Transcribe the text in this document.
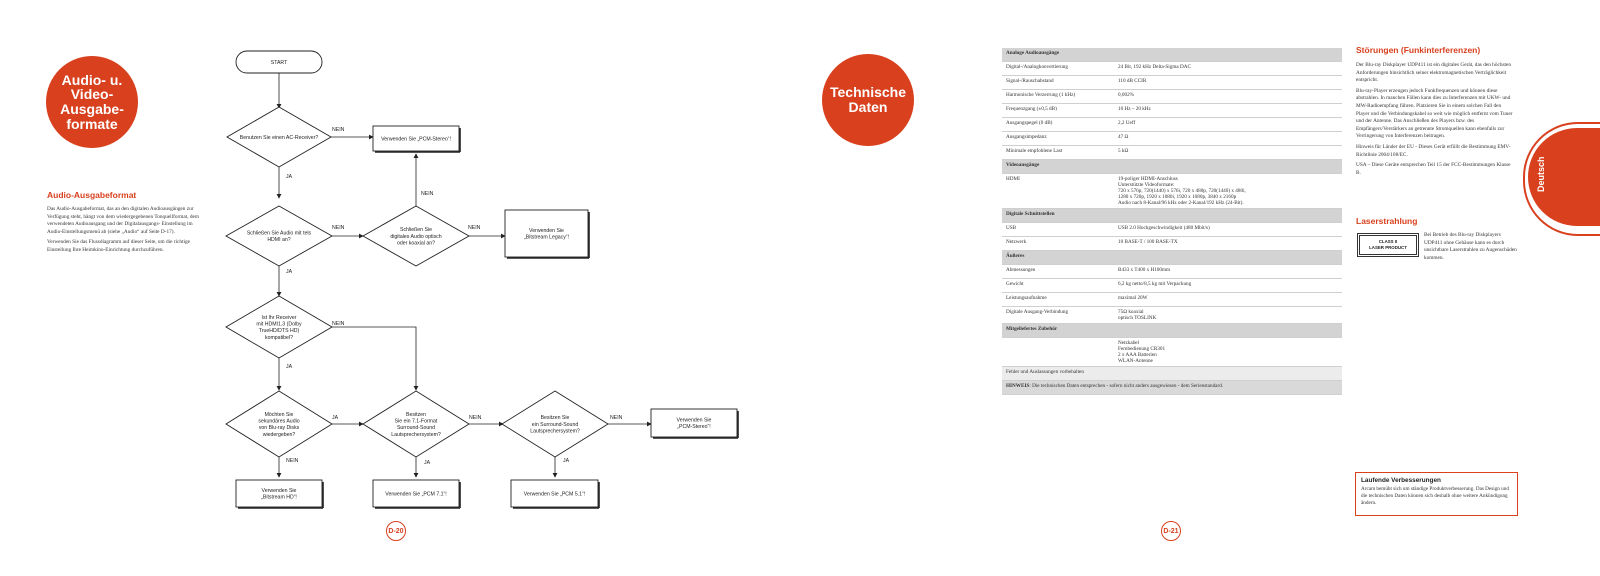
Audio- u.
Video-
Ausgabe-
formate
Audio-Ausgabeformat

Das Audio-Ausgabeformat, das an den digitalen Audioausgängen zur Verfügung steht, hängt von dem wiedergegebenen Tonquellformat, dem verwendeten Audioausgang und der Digitalausgangs- Einstellung im Audio-Einstellungsmenü ab (siehe „Audio“ auf Seite D-17).

Verwenden Sie das Flussdiagramm auf dieser Seite, um die richtige Einstellung Ihre Heimkino-Einrichtung durchzuführen.

START
Benutzen Sie einen AC-Receiver?	Verwenden Sie „PCM-Stereo“!
Schließen Sie Audio mit tels
HDMI an?
Schließen Sie
digitales Audio optisch
oder koaxial an?
Verwenden Sie
„Bitstream Legacy“!
Ist Ihr Receiver
mit HDMI1.3 (Dolby
TrueHD/DTS HD)
kompatibel?
Möchten Sie
sekundäres Audio
von Blu-ray Disks
wiedergeben?
Besitzen
Sie ein 7.1-Format
Surround-Sound
Lautsprechersystem?
Besitzen Sie
ein Surround-Sound
Lautsprechersystem?
Verwenden Sie
„PCM-Stereo“!
Verwenden Sie
„Bitstream HD“!
Verwenden Sie „PCM 7.1“!	Verwenden Sie „PCM 5.1“!
NEIN
JA
NEIN
NEIN
NEIN
JA
NEIN
JA
JA
NEIN
NEIN
JA
NEIN
JA
D-20
Technische
Daten
Analoge Audioausgänge	
Digital-/Analogkonvertierung	24 Bit, 192 kHz Delta-Sigma DAC
Signal-/Rauschabstand	110 dB CCIR
Harmonische Verzerrung (1 kHz)	0,002%
Frequenzgang (±0,5 dB)	10 Hz – 20 kHz
Ausgangspegel (0 dB)	2,2 Ueff
Ausgangsimpedanz	47 Ω
Minimale empfohlene Last	5 kΩ
Videoausgänge	
HDMI	19-poliger HDMI-Anschluss
Unterstützte Videoformate:
720 x 576p, 720(1440) x 576i, 720 x 480p, 720(1440) x 480i,
1280 x 720p, 1920 x 1080i, 1920 x 1080p, 3840 x 2160p
Audio nach 8-Kanal/96 kHz oder 2-Kanal/192 kHz (24-Bit).
Digitale Schnittstellen	
USB	USB 2.0 Hochgeschwindigkeit (480 Mbit/s)
Netzwerk	10 BASE-T / 100 BASE-TX
Äußeres	
Abmessungen	B433 x T400 x H100mm
Gewicht	6,2 kg netto/8,5 kg mit Verpackung
Leistungsaufnahme	maximal 20W
Digitale Ausgang-Verbindung	75Ω koaxial
optisch TOSLINK
Mitgeliefertes Zubehör	
	Netzkabel
Fernbedienung CR301
2 x AAA Batterien
WLAN-Antenne
Fehler und Auslassungen vorbehalten	
HINWEIS: Die technischen Daten entsprechen - sofern nicht anders ausgewiesen - dem Serienstandard.	
Störungen (Funkinterferenzen)

Der Blu-ray Diskplayer UDP411 ist ein digitales Gerät, das den höchsten Anforderungen hinsichtlich seiner elektromagnetischen Verträglichkeit entspricht.

Blu-ray-Player erzeugen jedoch Funkfrequenzen und können diese abstrahlen. In manchen Fällen kann dies zu Interferenzen mit UKW- und MW-Radioempfang führen. Platzieren Sie in einem solchen Fall den Player und die Verbindungskabel so weit wie möglich entfernt vom Tuner und der Antenne. Das Anschließen des Players bzw. des Empfängers/Verstärkers an getrennte Stromquellen kann ebenfalls zur Verringerung von Interferenzen beitragen.

Hinweis für Länder der EU - Dieses Gerät erfüllt die Bestimmung EMV-Richtlinie 2004/108/EC.

USA – Diese Geräte entsprechen Teil 15 der FCC-Bestimmungen Klasse B.

Laserstrahlung
CLASS II
LASER PRODUCT
Bei Betrieb des Blu-ray Diskplayers UDP411 ohne Gehäuse kann es durch unsichtbare Laserstrahlen zu Augenschäden kommen.
Deutsch
Laufende Verbesserungen
Arcam bemüht sich um ständige Produktverbesserung. Das Design und die technischen Daten können sich deshalb ohne weitere Ankündigung ändern.
D-21
